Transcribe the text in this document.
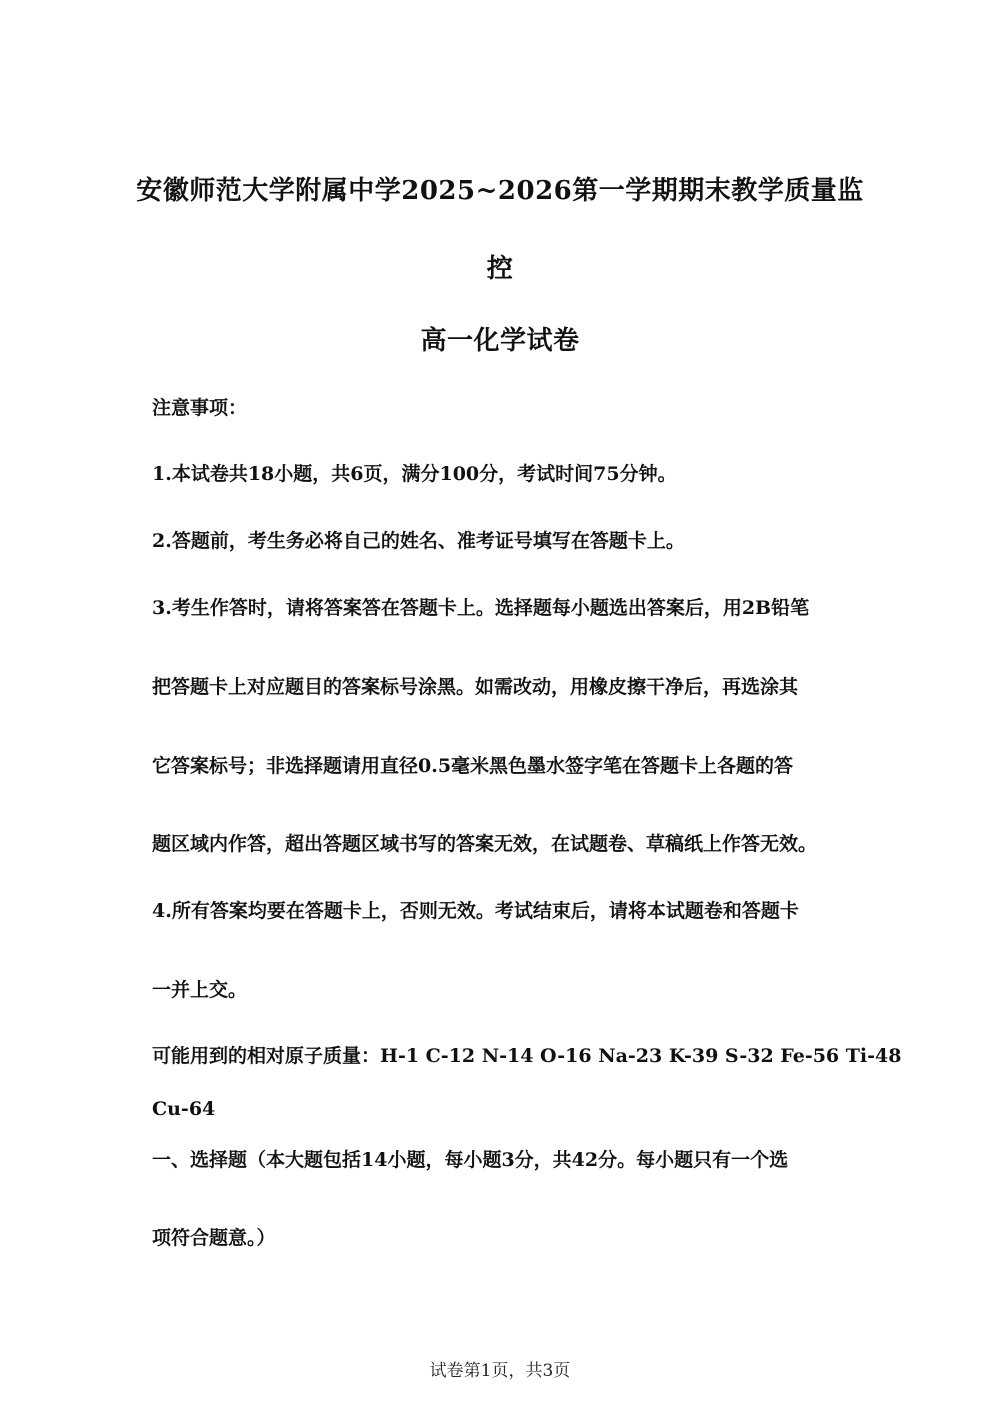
安徽师范大学附属中学2025~2026第一学期期末教学质量监
控
高一化学试卷
注意事项：
1.本试卷共18小题，共6页，满分100分，考试时间75分钟。
2.答题前，考生务必将自己的姓名、准考证号填写在答题卡上。
3.考生作答时，请将答案答在答题卡上。选择题每小题选出答案后，用2B铅笔
把答题卡上对应题目的答案标号涂黑。如需改动，用橡皮擦干净后，再选涂其
它答案标号；非选择题请用直径0.5毫米黑色墨水签字笔在答题卡上各题的答
题区域内作答，超出答题区域书写的答案无效，在试题卷、草稿纸上作答无效。
4.所有答案均要在答题卡上，否则无效。考试结束后，请将本试题卷和答题卡
一并上交。
可能用到的相对原子质量：H-1 C-12 N-14 O-16 Na-23 K-39 S-32 Fe-56 Ti-48
Cu-64
一、选择题（本大题包括14小题，每小题3分，共42分。每小题只有一个选
项符合题意。）
试卷第1页，共3页
